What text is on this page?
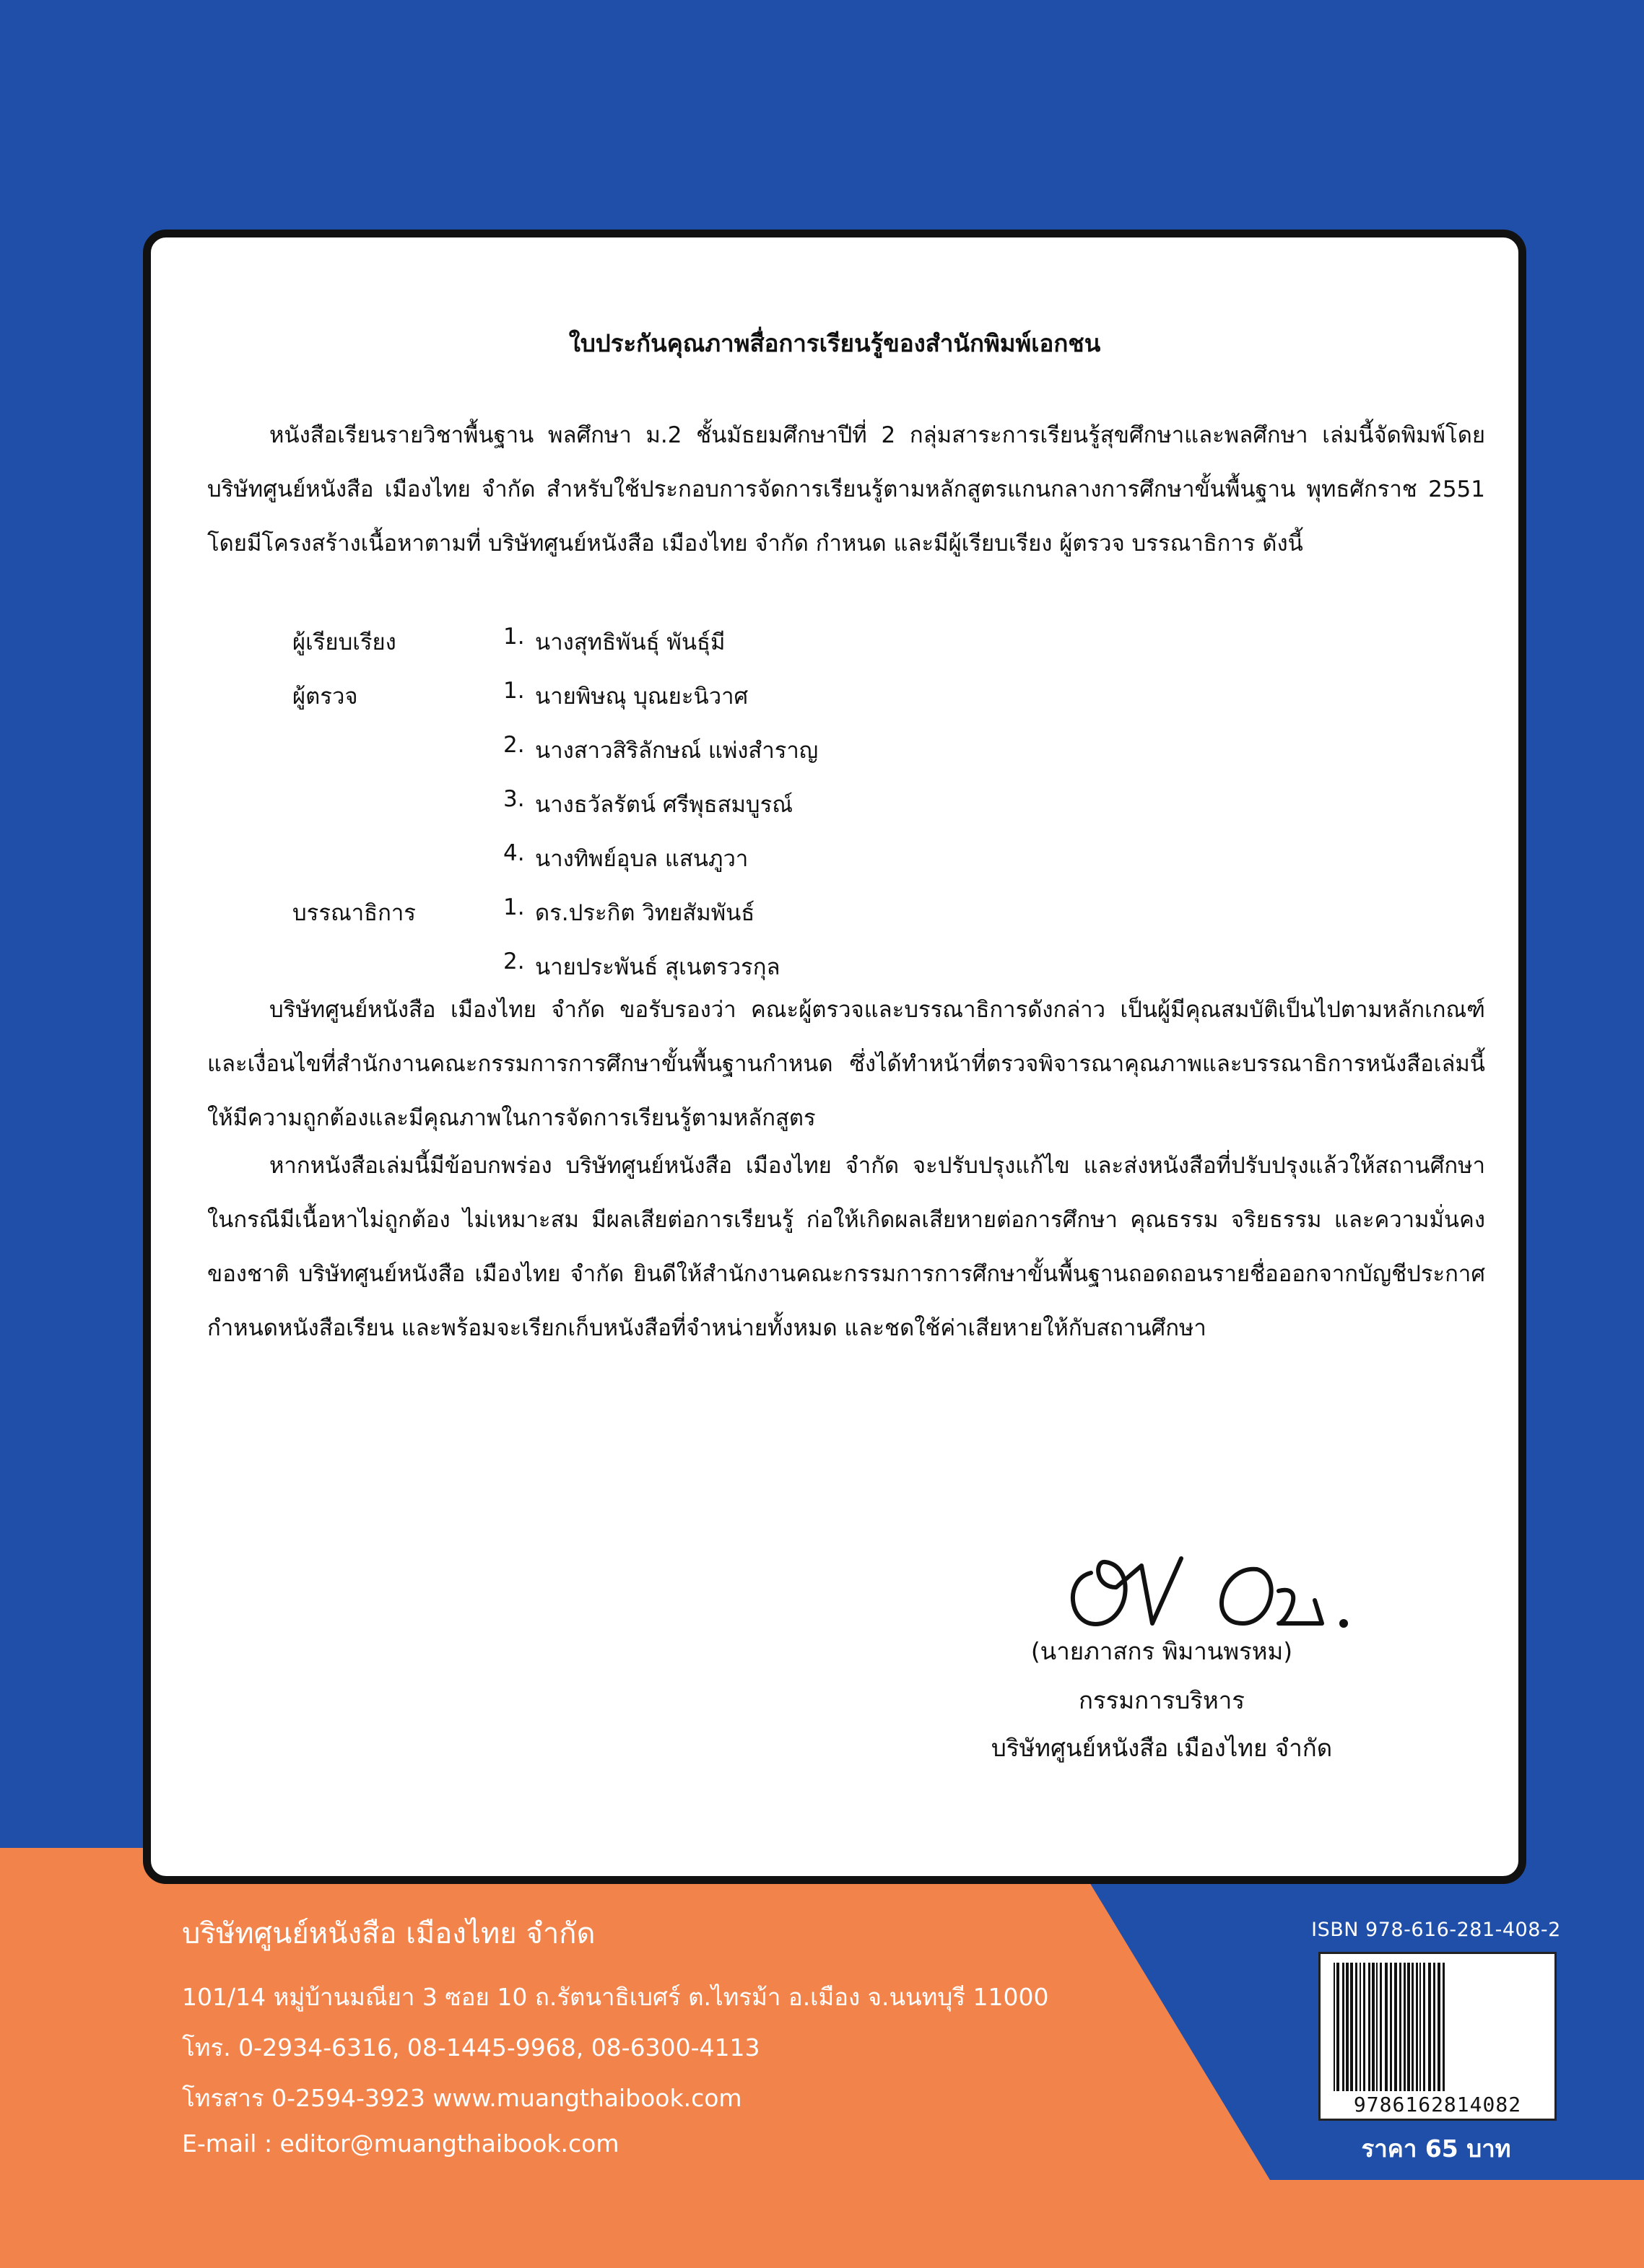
ใบประกันคุณภาพสื่อการเรียนรู้ของสำนักพิมพ์เอกชน

หนังสือเรียนรายวิชาพื้นฐาน พลศึกษา ม.2 ชั้นมัธยมศึกษาปีที่ 2 กลุ่มสาระการเรียนรู้สุขศึกษาและพลศึกษา เล่มนี้จัดพิมพ์โดย บริษัทศูนย์หนังสือ เมืองไทย จำกัด สำหรับใช้ประกอบการจัดการเรียนรู้ตามหลักสูตรแกนกลางการศึกษาขั้นพื้นฐาน พุทธศักราช 2551 โดยมีโครงสร้างเนื้อหาตามที่ บริษัทศูนย์หนังสือ เมืองไทย จำกัด กำหนด และมีผู้เรียบเรียง ผู้ตรวจ บรรณาธิการ ดังนี้

ผู้เรียบเรียง	1. นางสุทธิพันธุ์ พันธุ์มี
ผู้ตรวจ	1. นายพิษณุ บุณยะนิวาศ
2. นางสาวสิริลักษณ์ แพ่งสำราญ
3. นางธวัลรัตน์ ศรีพุธสมบูรณ์
4. นางทิพย์อุบล แสนภูวา
บรรณาธิการ	1. ดร.ประกิต วิทยสัมพันธ์
2. นายประพันธ์ สุเนตรวรกุล

บริษัทศูนย์หนังสือ เมืองไทย จำกัด ขอรับรองว่า คณะผู้ตรวจและบรรณาธิการดังกล่าว เป็นผู้มีคุณสมบัติเป็นไปตามหลักเกณฑ์และเงื่อนไขที่สำนักงานคณะกรรมการการศึกษาขั้นพื้นฐานกำหนด ซึ่งได้ทำหน้าที่ตรวจพิจารณาคุณภาพและบรรณาธิการหนังสือเล่มนี้ให้มีความถูกต้องและมีคุณภาพในการจัดการเรียนรู้ตามหลักสูตร

หากหนังสือเล่มนี้มีข้อบกพร่อง บริษัทศูนย์หนังสือ เมืองไทย จำกัด จะปรับปรุงแก้ไข และส่งหนังสือที่ปรับปรุงแล้วให้สถานศึกษา ในกรณีมีเนื้อหาไม่ถูกต้อง ไม่เหมาะสม มีผลเสียต่อการเรียนรู้ ก่อให้เกิดผลเสียหายต่อการศึกษา คุณธรรม จริยธรรม และความมั่นคงของชาติ บริษัทศูนย์หนังสือ เมืองไทย จำกัด ยินดีให้สำนักงานคณะกรรมการการศึกษาขั้นพื้นฐานถอดถอนรายชื่อออกจากบัญชีประกาศกำหนดหนังสือเรียน และพร้อมจะเรียกเก็บหนังสือที่จำหน่ายทั้งหมด และชดใช้ค่าเสียหายให้กับสถานศึกษา

(นายภาสกร พิมานพรหม)

กรรมการบริหาร

บริษัทศูนย์หนังสือ เมืองไทย จำกัด

บริษัทศูนย์หนังสือ เมืองไทย จำกัด

101/14 หมู่บ้านมณียา 3 ซอย 10 ถ.รัตนาธิเบศร์ ต.ไทรม้า อ.เมือง จ.นนทบุรี 11000

โทร. 0-2934-6316, 08-1445-9968, 08-6300-4113

โทรสาร 0-2594-3923 www.muangthaibook.com

E-mail : editor@muangthaibook.com

ISBN 978-616-281-408-2

9786162814082

ราคา 65 บาท
